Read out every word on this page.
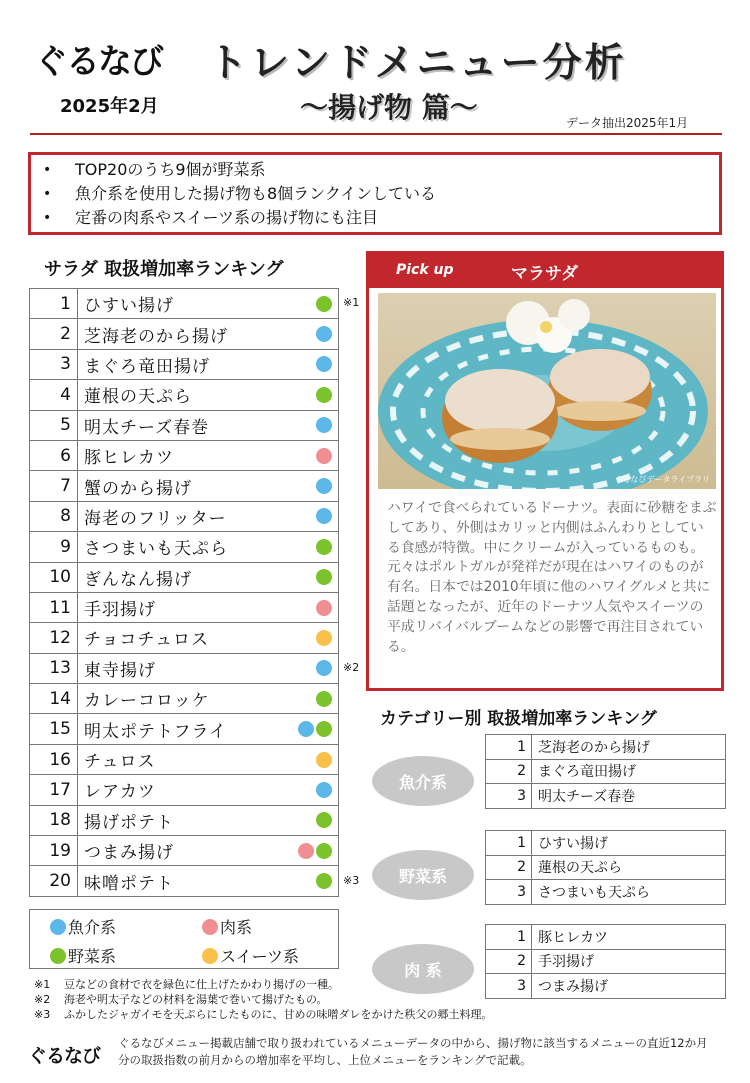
ぐるなび
2025年2月
トレンドメニュー分析
〜揚げ物 篇〜	データ抽出2025年1月
•	TOP20のうち9個が野菜系
•	魚介系を使用した揚げ物も8個ランクインしている
•	定番の肉系やスイーツ系の揚げ物にも注目
サラダ 取扱増加率ランキング
1	ひすい揚げ

2	芝海老のから揚げ

3	まぐろ竜田揚げ

4	蓮根の天ぷら

5	明太チーズ春巻

6	豚ヒレカツ

7	蟹のから揚げ

8	海老のフリッター

9	さつまいも天ぷら

10	ぎんなん揚げ

11	手羽揚げ

12	チョコチュロス

13	東寺揚げ

14	カレーコロッケ

15	明太ポテトフライ

16	チュロス

17	レアカツ

18	揚げポテト

19	つまみ揚げ

20	味噌ポテト
※1
※2
※3
魚介系	肉系
野菜系	スイーツ系
※1	豆などの食材で衣を緑色に仕上げたかわり揚げの一種。
※2	海老や明太子などの材料を湯葉で巻いて揚げたもの。
※3	ふかしたジャガイモを天ぷらにしたものに、甘めの味噌ダレをかけた秩父の郷土料理。
Pick up	マラサダ
ぐるなびデータライブラリ
ハワイで食べられているドーナツ。表面に砂糖をまぶしてあり、外側はカリッと内側はふんわりとしている食感が特徴。中にクリームが入っているものも。元々はポルトガルが発祥だが現在はハワイのものが有名。日本では2010年頃に他のハワイグルメと共に話題となったが、近年のドーナツ人気やスイーツの平成リバイバルブームなどの影響で再注目されている。
カテゴリー別 取扱増加率ランキング
魚介系
1	芝海老のから揚げ
2	まぐろ竜田揚げ
3	明太チーズ春巻
野菜系
1	ひすい揚げ
2	蓮根の天ぷら
3	さつまいも天ぷら
肉 系
1	豚ヒレカツ
2	手羽揚げ
3	つまみ揚げ
ぐるなび
ぐるなびメニュー掲載店舗で取り扱われているメニューデータの中から、揚げ物に該当するメニューの直近12か月分の取扱指数の前月からの増加率を平均し、上位メニューをランキングで記載。
